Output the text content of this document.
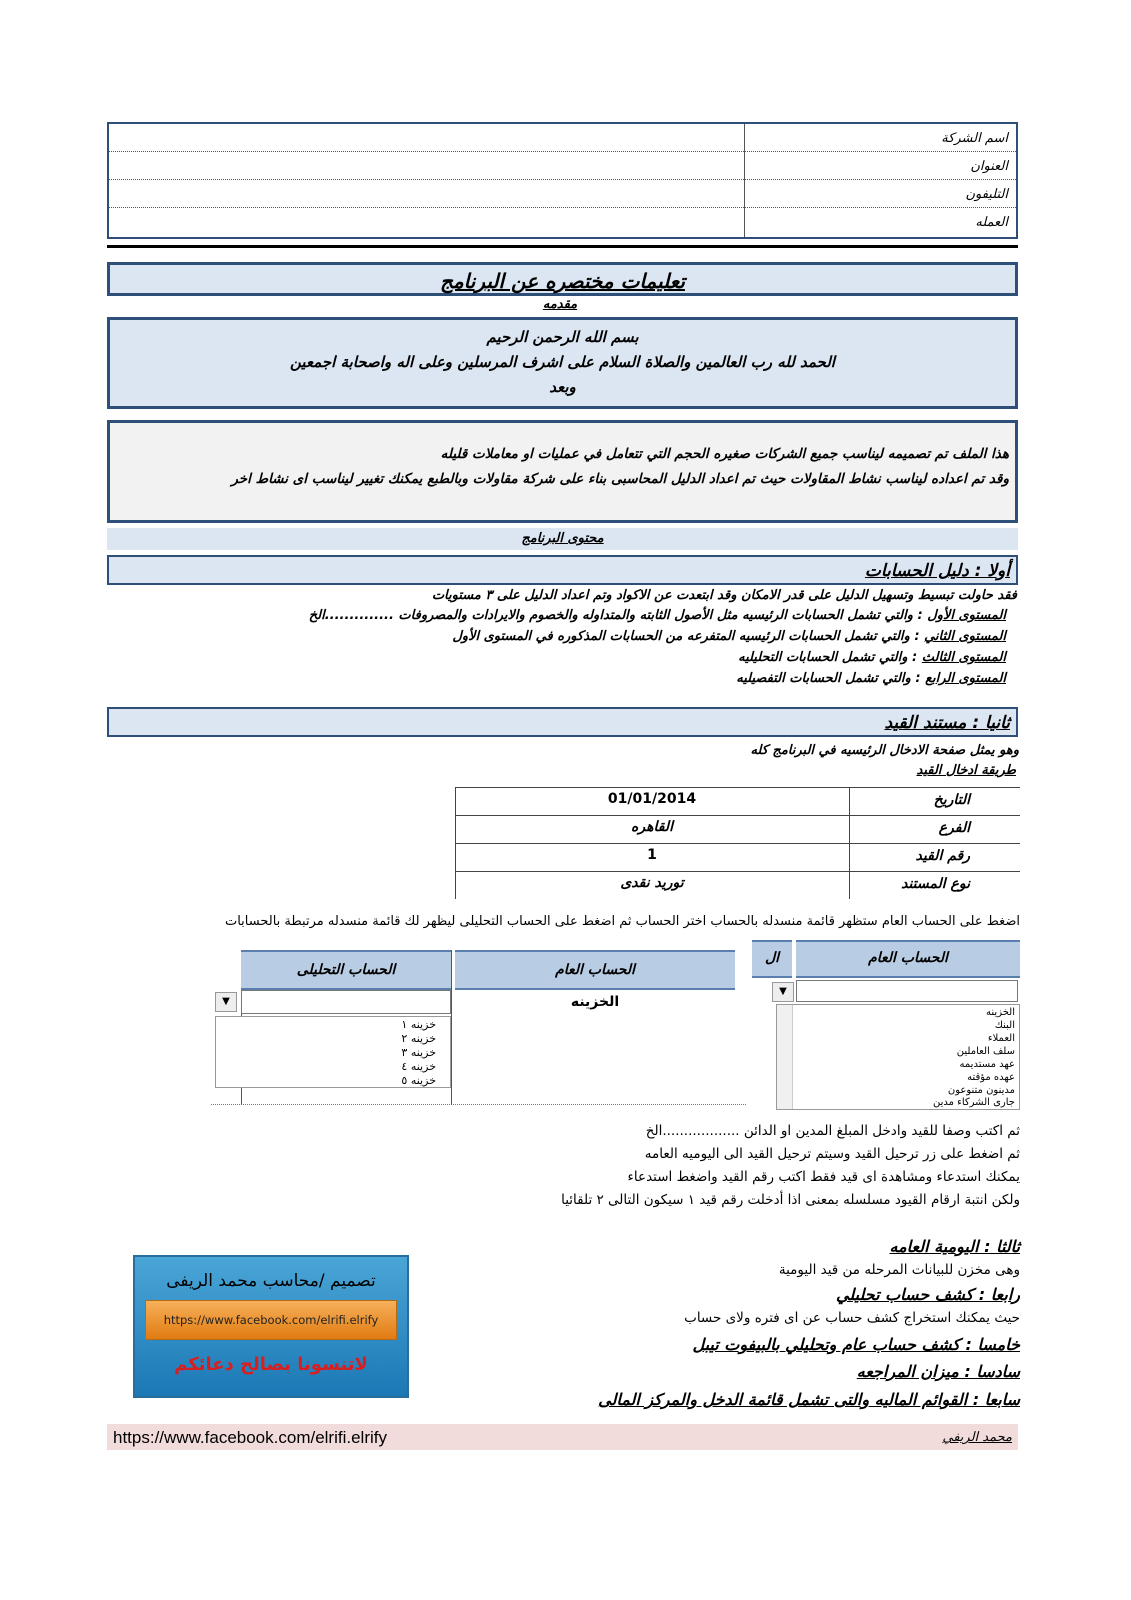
اسم الشركة
العنوان
التليفون
العمله
تعليمات مختصره عن البرنامج
مقدمه
بسم الله الرحمن الرحيم
الحمد لله رب العالمين والصلاة السلام على اشرف المرسلين وعلى اله واصحابة اجمعين
وبعد
هذا الملف تم تصميمه ليناسب جميع الشركات صغيره الحجم التي تتعامل في عمليات او معاملات قليله
وقد تم اعداده ليناسب نشاط المقاولات حيث تم اعداد الدليل المحاسبى بناء على شركة مقاولات وبالطبع يمكنك تغيير ليناسب اى نشاط اخر
محتوى البرنامج
أولا : دليل الحسابات
فقد حاولت تبسيط وتسهيل الدليل على قدر الامكان وقد ابتعدت عن الاكواد وتم اعداد الدليل على ٣ مستويات
المستوى الأول : والتي تشمل الحسابات الرئيسيه مثل الأصول الثابته والمتداوله والخصوم والايرادات والمصروفات ..............الخ
المستوى الثاني : والتي تشمل الحسابات الرئيسيه المتفرعه من الحسابات المذكوره في المستوى الأول
المستوى الثالث : والتي تشمل الحسابات التحليليه
المستوى الرابع : والتي تشمل الحسابات التفصيليه
ثانيا : مستند القيد
وهو يمثل صفحة الادخال الرئيسيه في البرنامج كله
طريقة ادخال القيد
التاريخ
01/01/2014
الفرع
القاهره
رقم القيد
1
نوع المستند
توريد نقدى
اضغط على الحساب العام ستظهر قائمة منسدله بالحساب اختر الحساب ثم اضغط على الحساب التحليلى ليظهر لك قائمة منسدله مرتبطة بالحسابات
الحساب التحليلى	الحساب العام
▼	الخزينه
خزينه ١
خزينه ٢
خزينه ٣
خزينه ٤
خزينه ٥
ال	الحساب العام
▼
الخزينه
البنك
العملاء
سلف العاملين
عهد مستديمه
عهده مؤقته
مدينون متنوعون
جارى الشركاء مدين
ثم اكتب وصفا للقيد وادخل المبلغ المدين او الدائن ..................الخ
ثم اضغط على زر ترحيل القيد وسيتم ترحيل القيد الى اليوميه العامه
يمكنك استدعاء ومشاهدة اى قيد فقط اكتب رقم القيد واضغط استدعاء
ولكن انتبة ارقام القيود مسلسله بمعنى اذا أدخلت رقم قيد ١ سيكون التالى ٢ تلقائيا
ثالثا : اليومية العامه
وهى مخزن للبيانات المرحله من قيد اليومية
رابعا : كشف حساب تحليلي
حيث يمكنك استخراج كشف حساب عن اى فتره ولاى حساب
خامسا : كشف حساب عام وتحليلي بالبيفوت تيبل
سادسا : ميزان المراجعه
سابعا : القوائم الماليه والتى تشمل قائمة الدخل والمركز المالى
تصميم /محاسب محمد الريفى
https://www.facebook.com/elrifi.elrify
لاتنسونا بصالح دعائكم
https://www.facebook.com/elrifi.elrify	محمد الريفي
